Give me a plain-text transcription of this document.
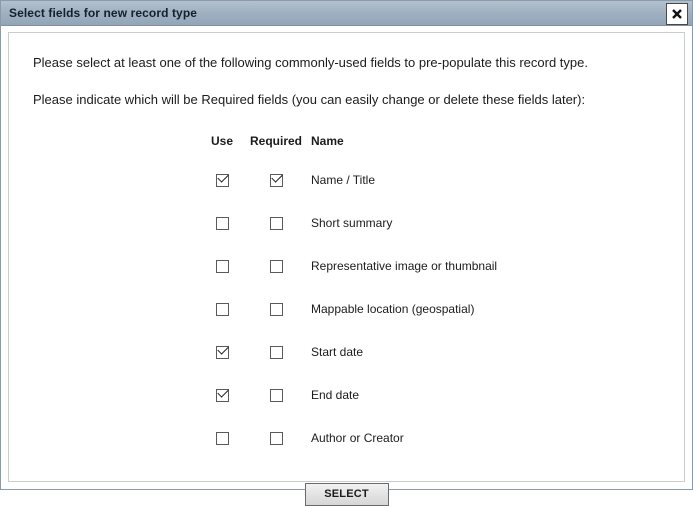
Select fields for new record type
Please select at least one of the following commonly-used fields to pre-populate this record type.
Please indicate which will be Required fields (you can easily change or delete these fields later):
	Use	Required	Name
			Name / Title
			Short summary
			Representative image or thumbnail
			Mappable location (geospatial)
			Start date
			End date
			Author or Creator
SELECT
